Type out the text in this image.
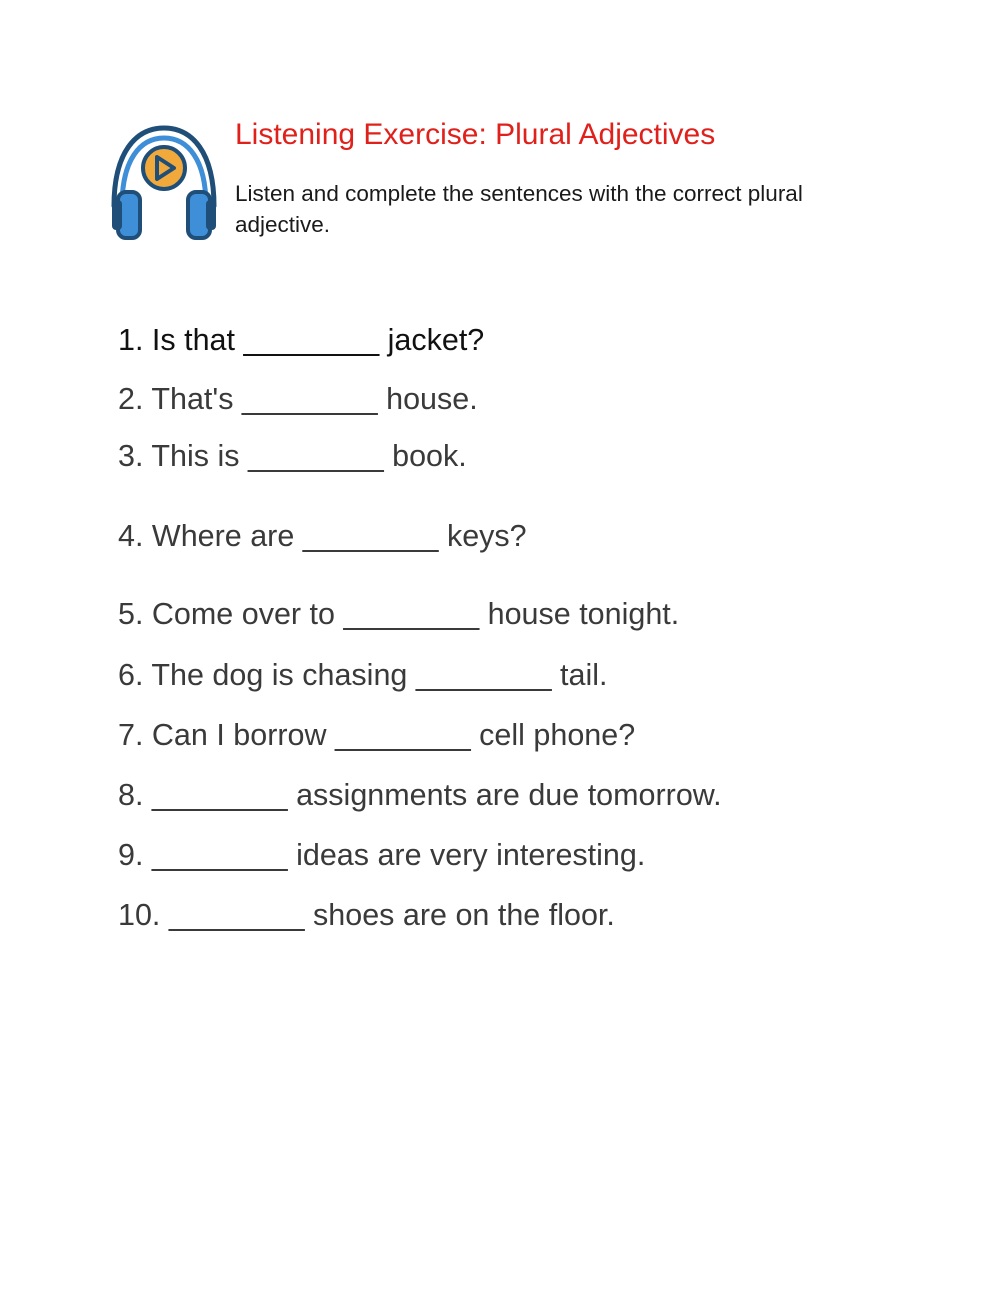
Listening Exercise: Plural Adjectives
Listen and complete the sentences with the correct plural adjective.
1. Is that ________ jacket?
2. That's ________ house.
3. This is ________ book.
4. Where are ________ keys?
5. Come over to ________ house tonight.
6. The dog is chasing ________ tail.
7. Can I borrow ________ cell phone?
8. ________ assignments are due tomorrow.
9. ________ ideas are very interesting.
10. ________ shoes are on the floor.
